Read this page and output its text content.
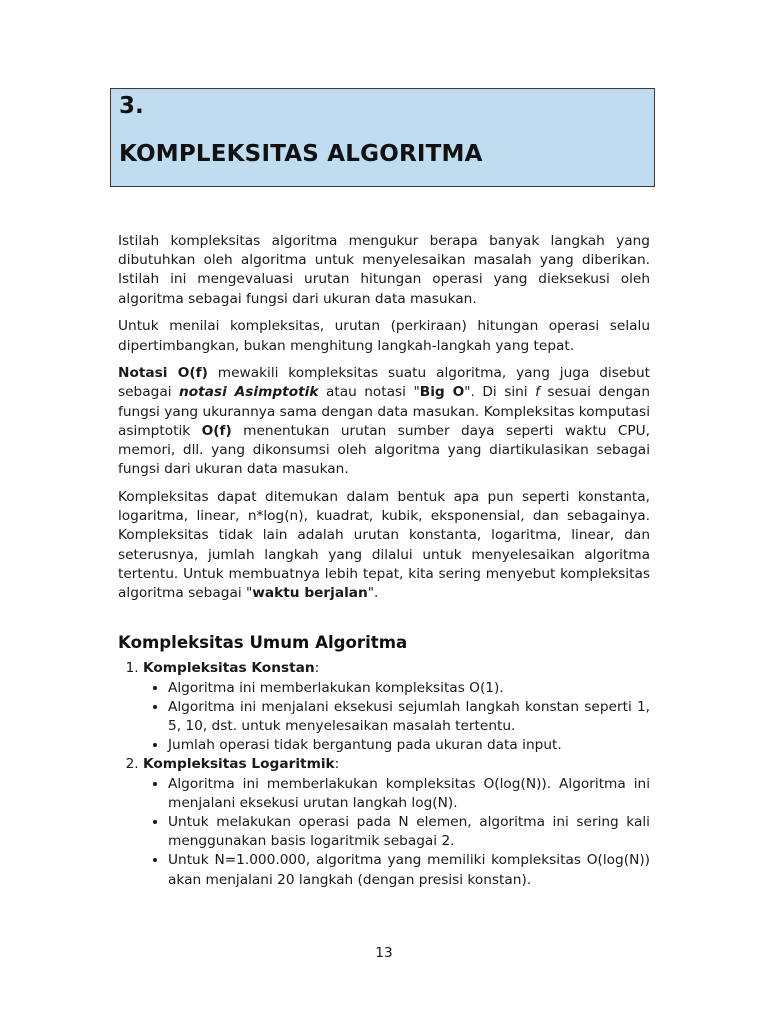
3.
KOMPLEKSITAS ALGORITMA

Istilah kompleksitas algoritma mengukur berapa banyak langkah yang dibutuhkan oleh algoritma untuk menyelesaikan masalah yang diberikan. Istilah ini mengevaluasi urutan hitungan operasi yang dieksekusi oleh algoritma sebagai fungsi dari ukuran data masukan.

Untuk menilai kompleksitas, urutan (perkiraan) hitungan operasi selalu dipertimbangkan, bukan menghitung langkah-langkah yang tepat.

Notasi O(f) mewakili kompleksitas suatu algoritma, yang juga disebut sebagai notasi Asimptotik atau notasi "Big O". Di sini f sesuai dengan fungsi yang ukurannya sama dengan data masukan. Kompleksitas komputasi asimptotik O(f) menentukan urutan sumber daya seperti waktu CPU, memori, dll. yang dikonsumsi oleh algoritma yang diartikulasikan sebagai fungsi dari ukuran data masukan.

Kompleksitas dapat ditemukan dalam bentuk apa pun seperti konstanta, logaritma, linear, n*log(n), kuadrat, kubik, eksponensial, dan sebagainya. Kompleksitas tidak lain adalah urutan konstanta, logaritma, linear, dan seterusnya, jumlah langkah yang dilalui untuk menyelesaikan algoritma tertentu. Untuk membuatnya lebih tepat, kita sering menyebut kompleksitas algoritma sebagai "waktu berjalan".

Kompleksitas Umum Algoritma
1. Kompleksitas Konstan:
• Algoritma ini memberlakukan kompleksitas O(1).
• Algoritma ini menjalani eksekusi sejumlah langkah konstan seperti 1, 5, 10, dst. untuk menyelesaikan masalah tertentu.
• Jumlah operasi tidak bergantung pada ukuran data input.
2. Kompleksitas Logaritmik:
• Algoritma ini memberlakukan kompleksitas O(log(N)). Algoritma ini menjalani eksekusi urutan langkah log(N).
• Untuk melakukan operasi pada N elemen, algoritma ini sering kali menggunakan basis logaritmik sebagai 2.
• Untuk N=1.000.000, algoritma yang memiliki kompleksitas O(log(N)) akan menjalani 20 langkah (dengan presisi konstan).
13
